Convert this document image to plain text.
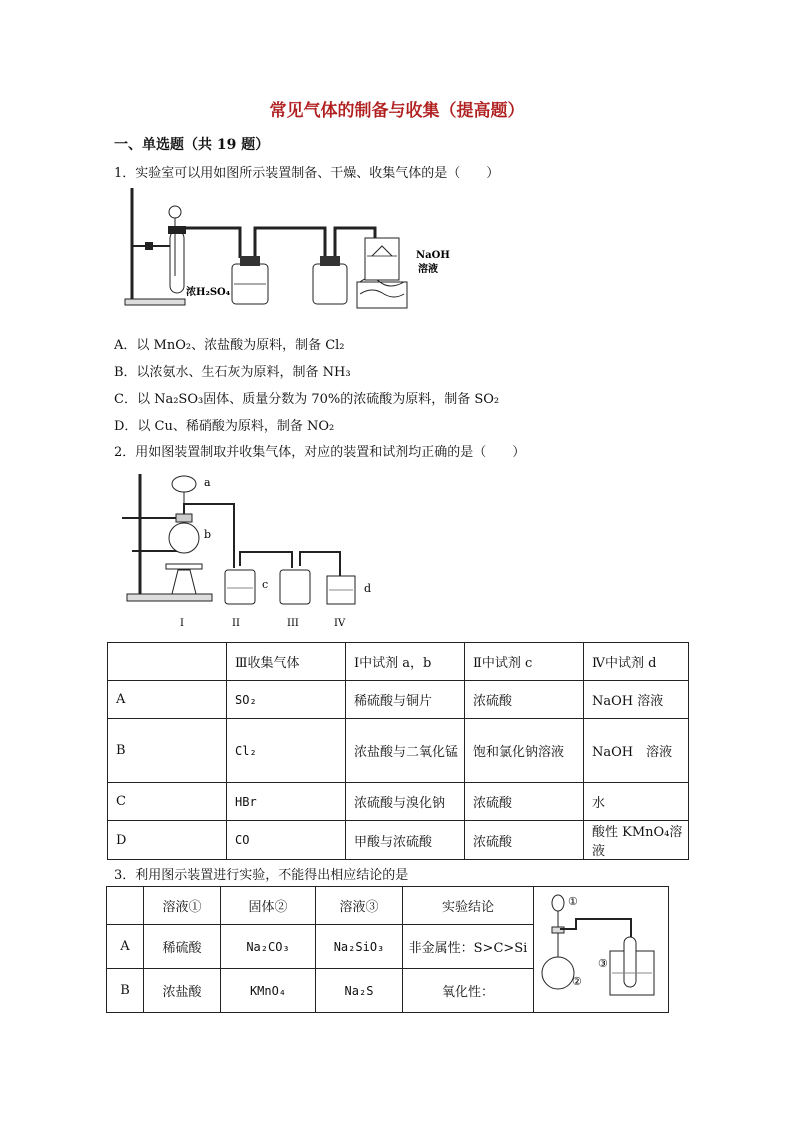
常见气体的制备与收集（提高题）
一、单选题（共 19 题）
1．实验室可以用如图所示装置制备、干燥、收集气体的是（　　）
浓H₂SO₄
NaOH
溶液
A．以 MnO₂、浓盐酸为原料，制备 Cl₂
B．以浓氨水、生石灰为原料，制备 NH₃
C．以 Na₂SO₃固体、质量分数为 70%的浓硫酸为原料，制备 SO₂
D．以 Cu、稀硝酸为原料，制备 NO₂
2．用如图装置制取并收集气体，对应的装置和试剂均正确的是（　　）
a
b
c	d
I	II	III	IV
	Ⅲ收集气体	Ⅰ中试剂 a，b	Ⅱ中试剂 c	Ⅳ中试剂 d
A	SO₂	稀硫酸与铜片	浓硫酸	NaOH 溶液
B	Cl₂	浓盐酸与二氧化锰	饱和氯化钠溶液	NaOH　溶液
C	HBr	浓硫酸与溴化钠	浓硫酸	水
D	CO	甲酸与浓硫酸	浓硫酸	酸性 KMnO₄溶液
3．利用图示装置进行实验，不能得出相应结论的是
	溶液①	固体②	溶液③	实验结论	①
②
③

A	稀硫酸	Na₂CO₃	Na₂SiO₃	非金属性：S>C>Si	
B	浓盐酸	KMnO₄	Na₂S	氧化性：	
